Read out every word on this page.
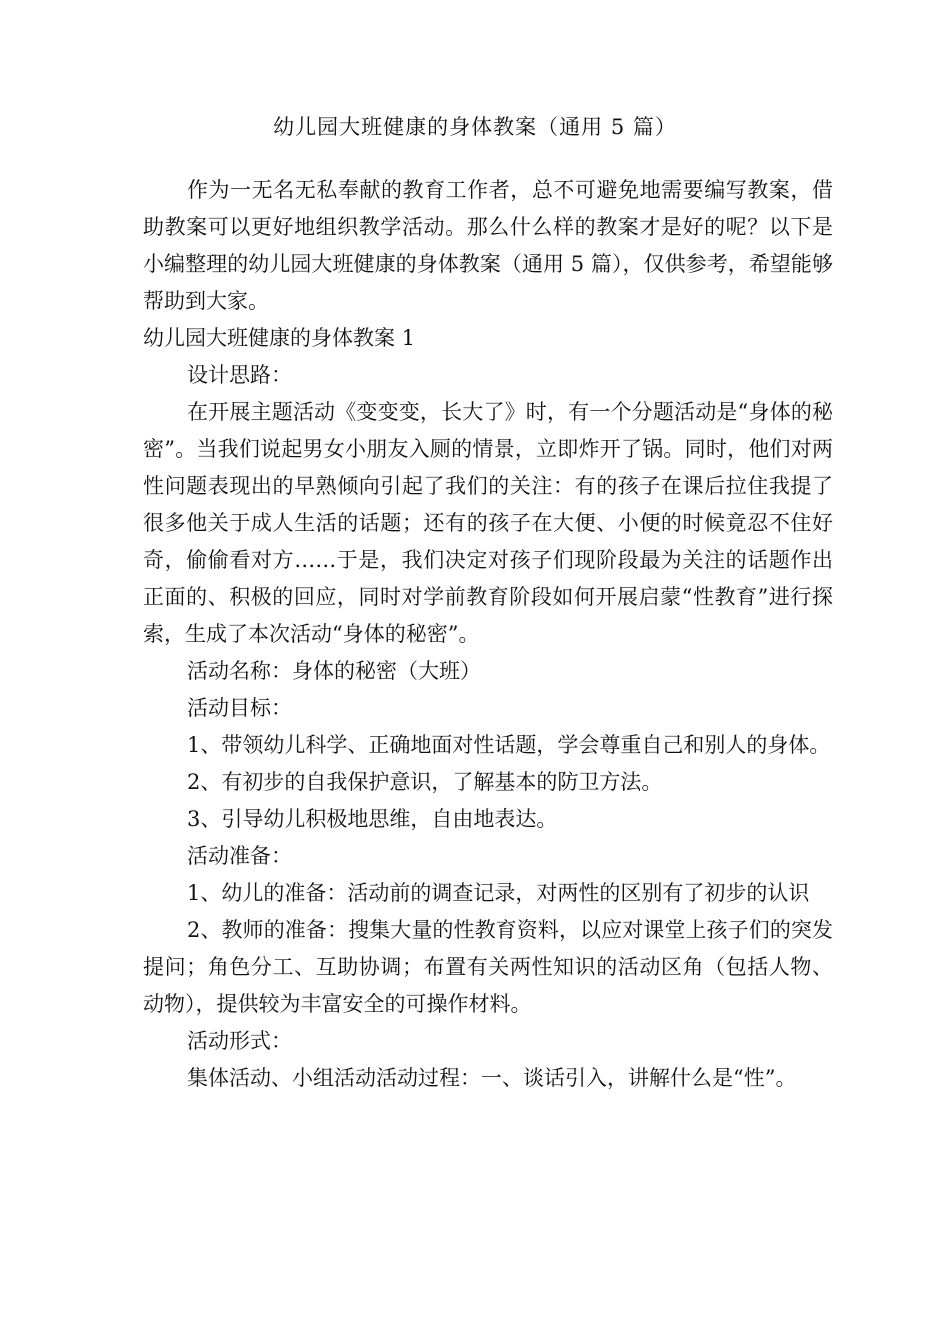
幼儿园大班健康的身体教案（通用 5 篇）

作为一无名无私奉献的教育工作者，总不可避免地需要编写教案，借助教案可以更好地组织教学活动。那么什么样的教案才是好的呢？以下是小编整理的幼儿园大班健康的身体教案（通用 5 篇），仅供参考，希望能够帮助到大家。

幼儿园大班健康的身体教案 1

设计思路：

在开展主题活动《变变变，长大了》时，有一个分题活动是“身体的秘密”。当我们说起男女小朋友入厕的情景，立即炸开了锅。同时，他们对两性问题表现出的早熟倾向引起了我们的关注：有的孩子在课后拉住我提了很多他关于成人生活的话题；还有的孩子在大便、小便的时候竟忍不住好奇，偷偷看对方……于是，我们决定对孩子们现阶段最为关注的话题作出正面的、积极的回应，同时对学前教育阶段如何开展启蒙“性教育”进行探索，生成了本次活动“身体的秘密”。

活动名称：身体的秘密（大班）

活动目标：

1、带领幼儿科学、正确地面对性话题，学会尊重自己和别人的身体。

2、有初步的自我保护意识，了解基本的防卫方法。

3、引导幼儿积极地思维，自由地表达。

活动准备：

1、幼儿的准备：活动前的调查记录，对两性的区别有了初步的认识

2、教师的准备：搜集大量的性教育资料，以应对课堂上孩子们的突发提问；角色分工、互助协调；布置有关两性知识的活动区角（包括人物、动物），提供较为丰富安全的可操作材料。

活动形式：

集体活动、小组活动活动过程：一、谈话引入，讲解什么是“性”。
